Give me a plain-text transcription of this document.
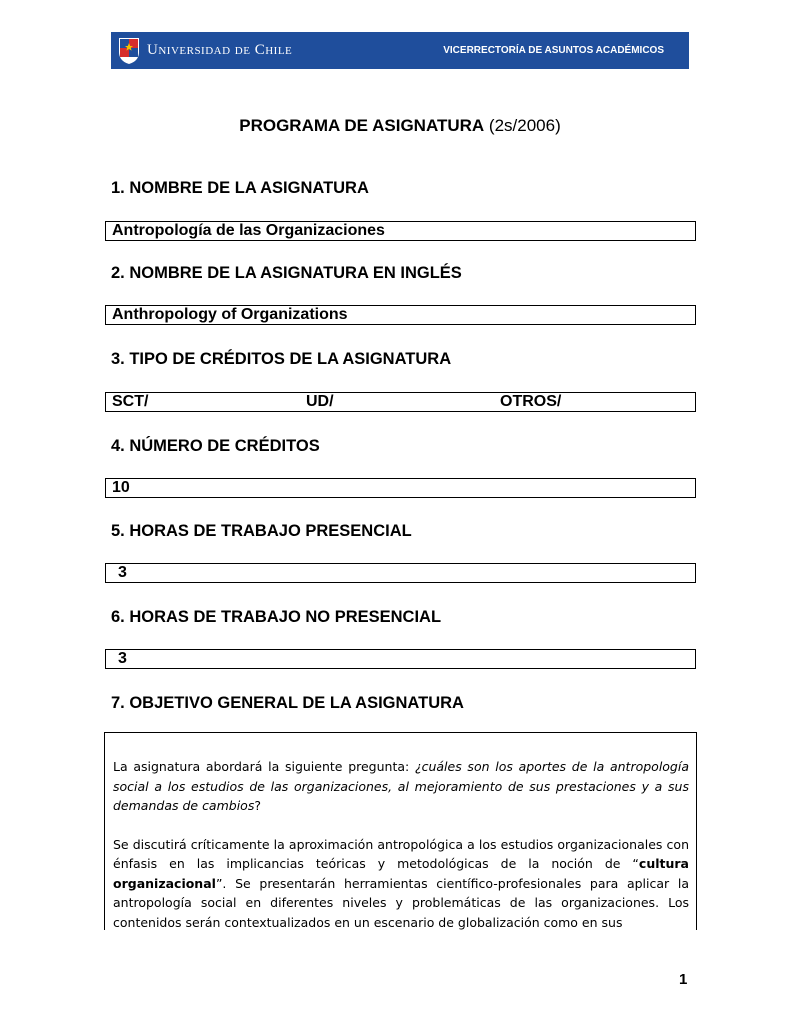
Universidad de Chile	VICERRECTORÍA DE ASUNTOS ACADÉMICOS
PROGRAMA DE ASIGNATURA (2s/2006)
1. NOMBRE DE LA ASIGNATURA
Antropología de las Organizaciones
2. NOMBRE DE LA ASIGNATURA EN INGLÉS
Anthropology of Organizations
3. TIPO DE CRÉDITOS DE LA ASIGNATURA
SCT/	UD/	OTROS/
4. NÚMERO DE CRÉDITOS
10
5. HORAS DE TRABAJO PRESENCIAL
3
6. HORAS DE TRABAJO NO PRESENCIAL
3
7. OBJETIVO GENERAL DE LA ASIGNATURA

La asignatura abordará la siguiente pregunta: ¿cuáles son los aportes de la antropología social a los estudios de las organizaciones, al mejoramiento de sus prestaciones y a sus demandas de cambios?

Se discutirá críticamente la aproximación antropológica a los estudios organizacionales con énfasis en las implicancias teóricas y metodológicas de la noción de “cultura organizacional”. Se presentarán herramientas científico-profesionales para aplicar la antropología social en diferentes niveles y problemáticas de las organizaciones. Los contenidos serán contextualizados en un escenario de globalización como en sus

1
